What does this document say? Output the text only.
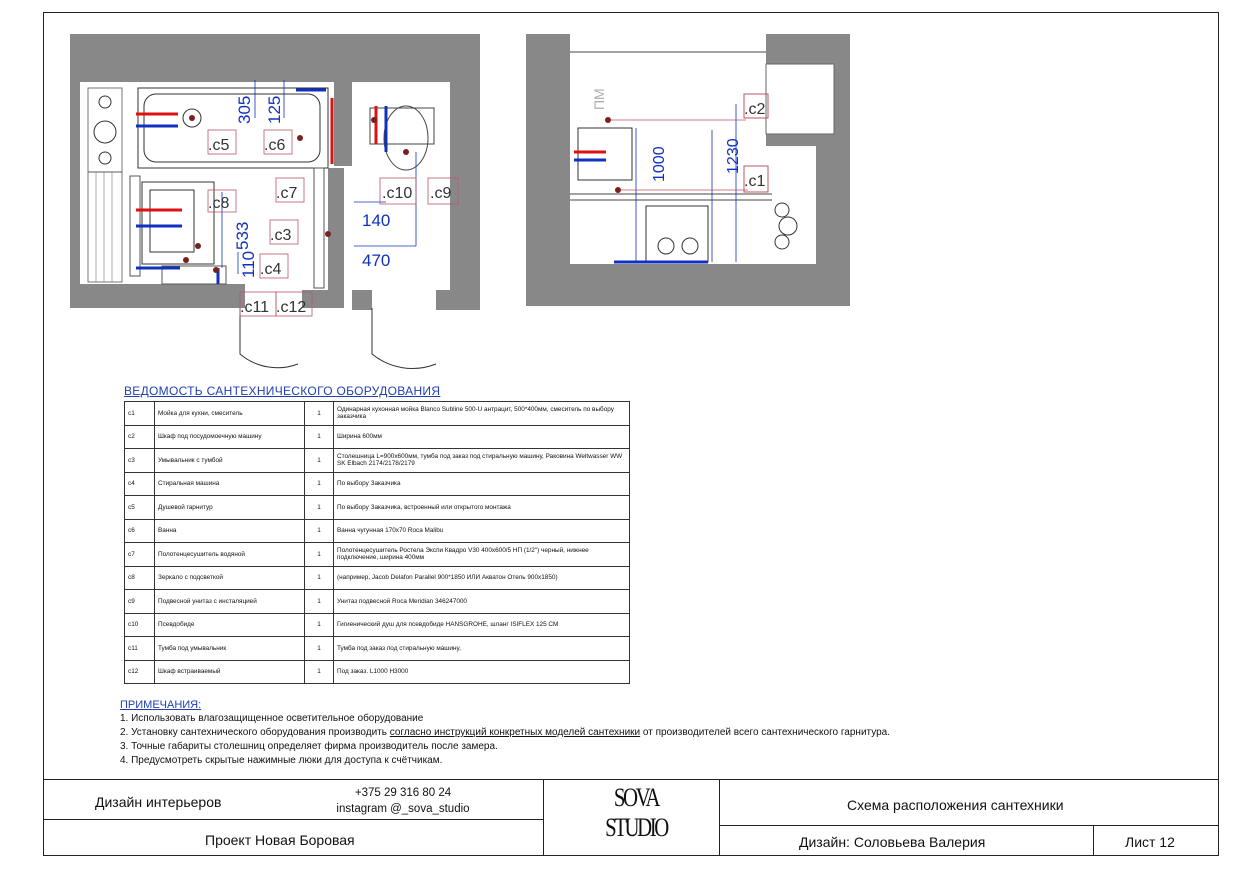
305 125
533
110
140
470
.c5 .c6
.c7
.c8
.c3
.c4
.c11 .c12
.c10 .c9
1000	1230
.c2
.c1
ПМ
ВЕДОМОСТЬ САНТЕХНИЧЕСКОГО ОБОРУДОВАНИЯ
c1	Мойка для кухни, смеситель	1	Одинарная кухонная мойка Blanco Subline 500-U антрацит, 500*400мм, смеситель по выбору заказчика
c2	Шкаф под посудомоечную машину	1	Ширина 600мм
c3	Умывальник с тумбой	1	Столешница L=900х600мм, тумба под заказ под стиральную машину, Раковина Weltwasser WW SK Elbach 2174/2178/2179
c4	Стиральная машина	1	По выбору Заказчика
c5	Душевой гарнитур	1	По выбору Заказчика, встроенный или открытого монтажа
c6	Ванна	1	Ванна чугунная 170х70 Roca Malibu
c7	Полотенцесушитель водяной	1	Полотенцесушитель Ростела Экспи Квадро V30 400х600/5 НП (1/2") черный, нижнее подключение, ширина 400мм
c8	Зеркало с подсветкой	1	(например, Jacob Delafon Parallel 900*1850 ИЛИ Акватон Отель 900х1850)
c9	Подвесной унитаз с инсталяцией	1	Унитаз подвесной Roca Meridian 346247000
c10	Псевдобиде	1	Гигиенический душ для псевдобиде HANSGROHE, шланг ISIFLEX 125 СМ
c11	Тумба под умывальник	1	Тумба под заказ под стиральную машину,
c12	Шкаф встраиваемый	1	Под заказ. L1000 H3000
ПРИМЕЧАНИЯ:
1. Использовать влагозащищенное осветительное оборудование
2. Установку сантехнического оборудования производить согласно инструкций конкретных моделей сантехники от производителей всего сантехнического гарнитура.
3. Точные габариты столешниц определяет фирма производитель после замера.
4. Предусмотреть скрытые нажимные люки для доступа к счётчикам.
Дизайн интерьеров
+375 29 316 80 24
instagram @_sova_studio
Проект Новая Боровая
SOVA
STUDIO
Схема расположения сантехники
Дизайн: Соловьева Валерия	Лист 12
